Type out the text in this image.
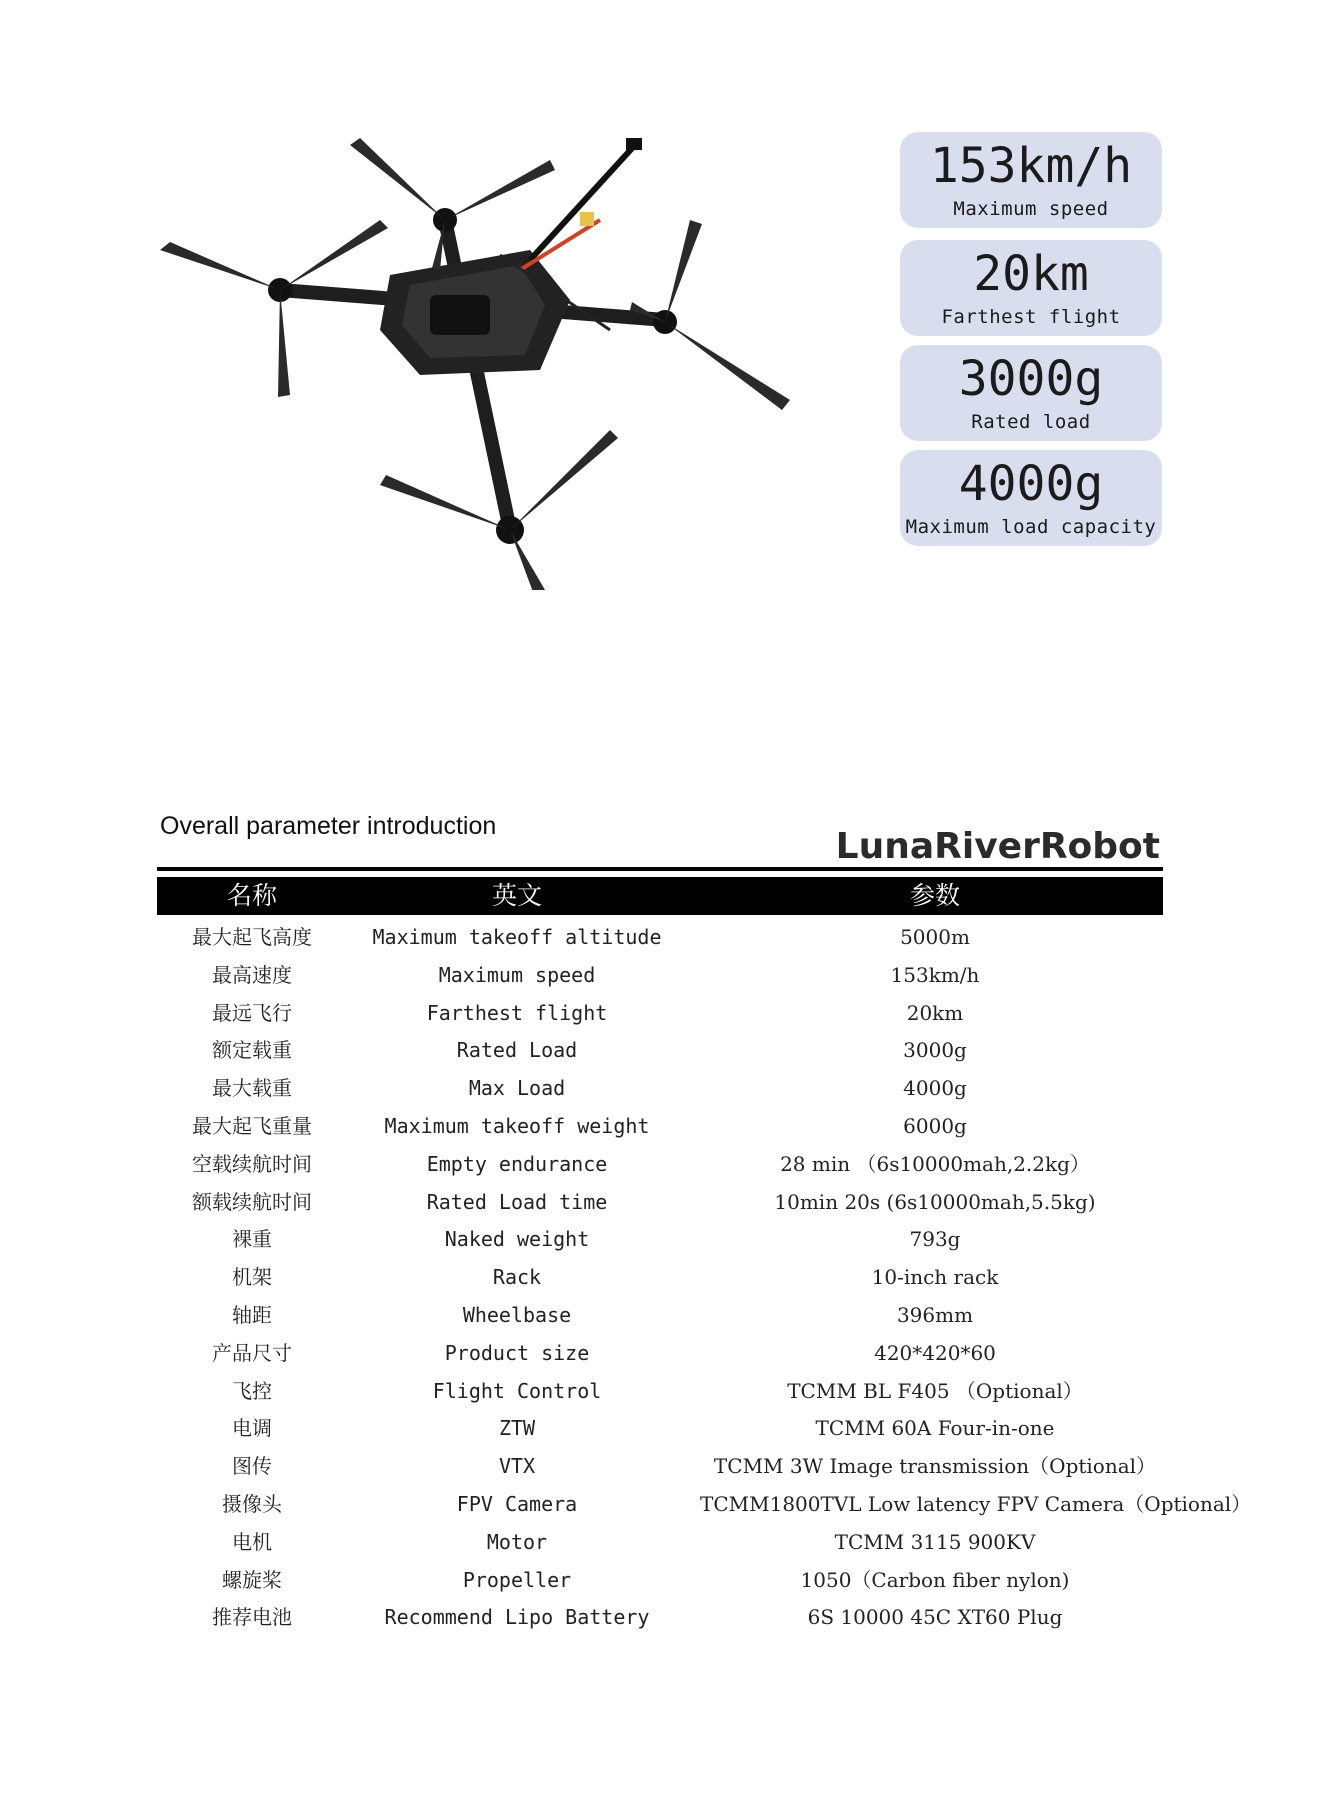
153km/h
Maximum speed
20km
Farthest flight
3000g
Rated load
4000g
Maximum load capacity
Overall parameter introduction	LunaRiverRobot
名称	英文	参数
最大起飞高度	Maximum takeoff altitude	5000m
最高速度	Maximum speed	153km/h
最远飞行	Farthest flight	20km
额定载重	Rated Load	3000g
最大载重	Max Load	4000g
最大起飞重量	Maximum takeoff weight	6000g
空载续航时间	Empty endurance	28 min （6s10000mah,2.2kg）
额载续航时间	Rated Load time	10min 20s (6s10000mah,5.5kg)
裸重	Naked weight	793g
机架	Rack	10-inch rack
轴距	Wheelbase	396mm
产品尺寸	Product size	420*420*60
飞控	Flight Control	TCMM BL F405 （Optional）
电调	ZTW	TCMM 60A Four-in-one
图传	VTX	TCMM 3W Image transmission（Optional）
摄像头	FPV Camera	TCMM1800TVL Low latency FPV Camera（Optional）
电机	Motor	TCMM 3115 900KV
螺旋桨	Propeller	1050（Carbon fiber nylon)
推荐电池	Recommend Lipo Battery	6S 10000 45C XT60 Plug
